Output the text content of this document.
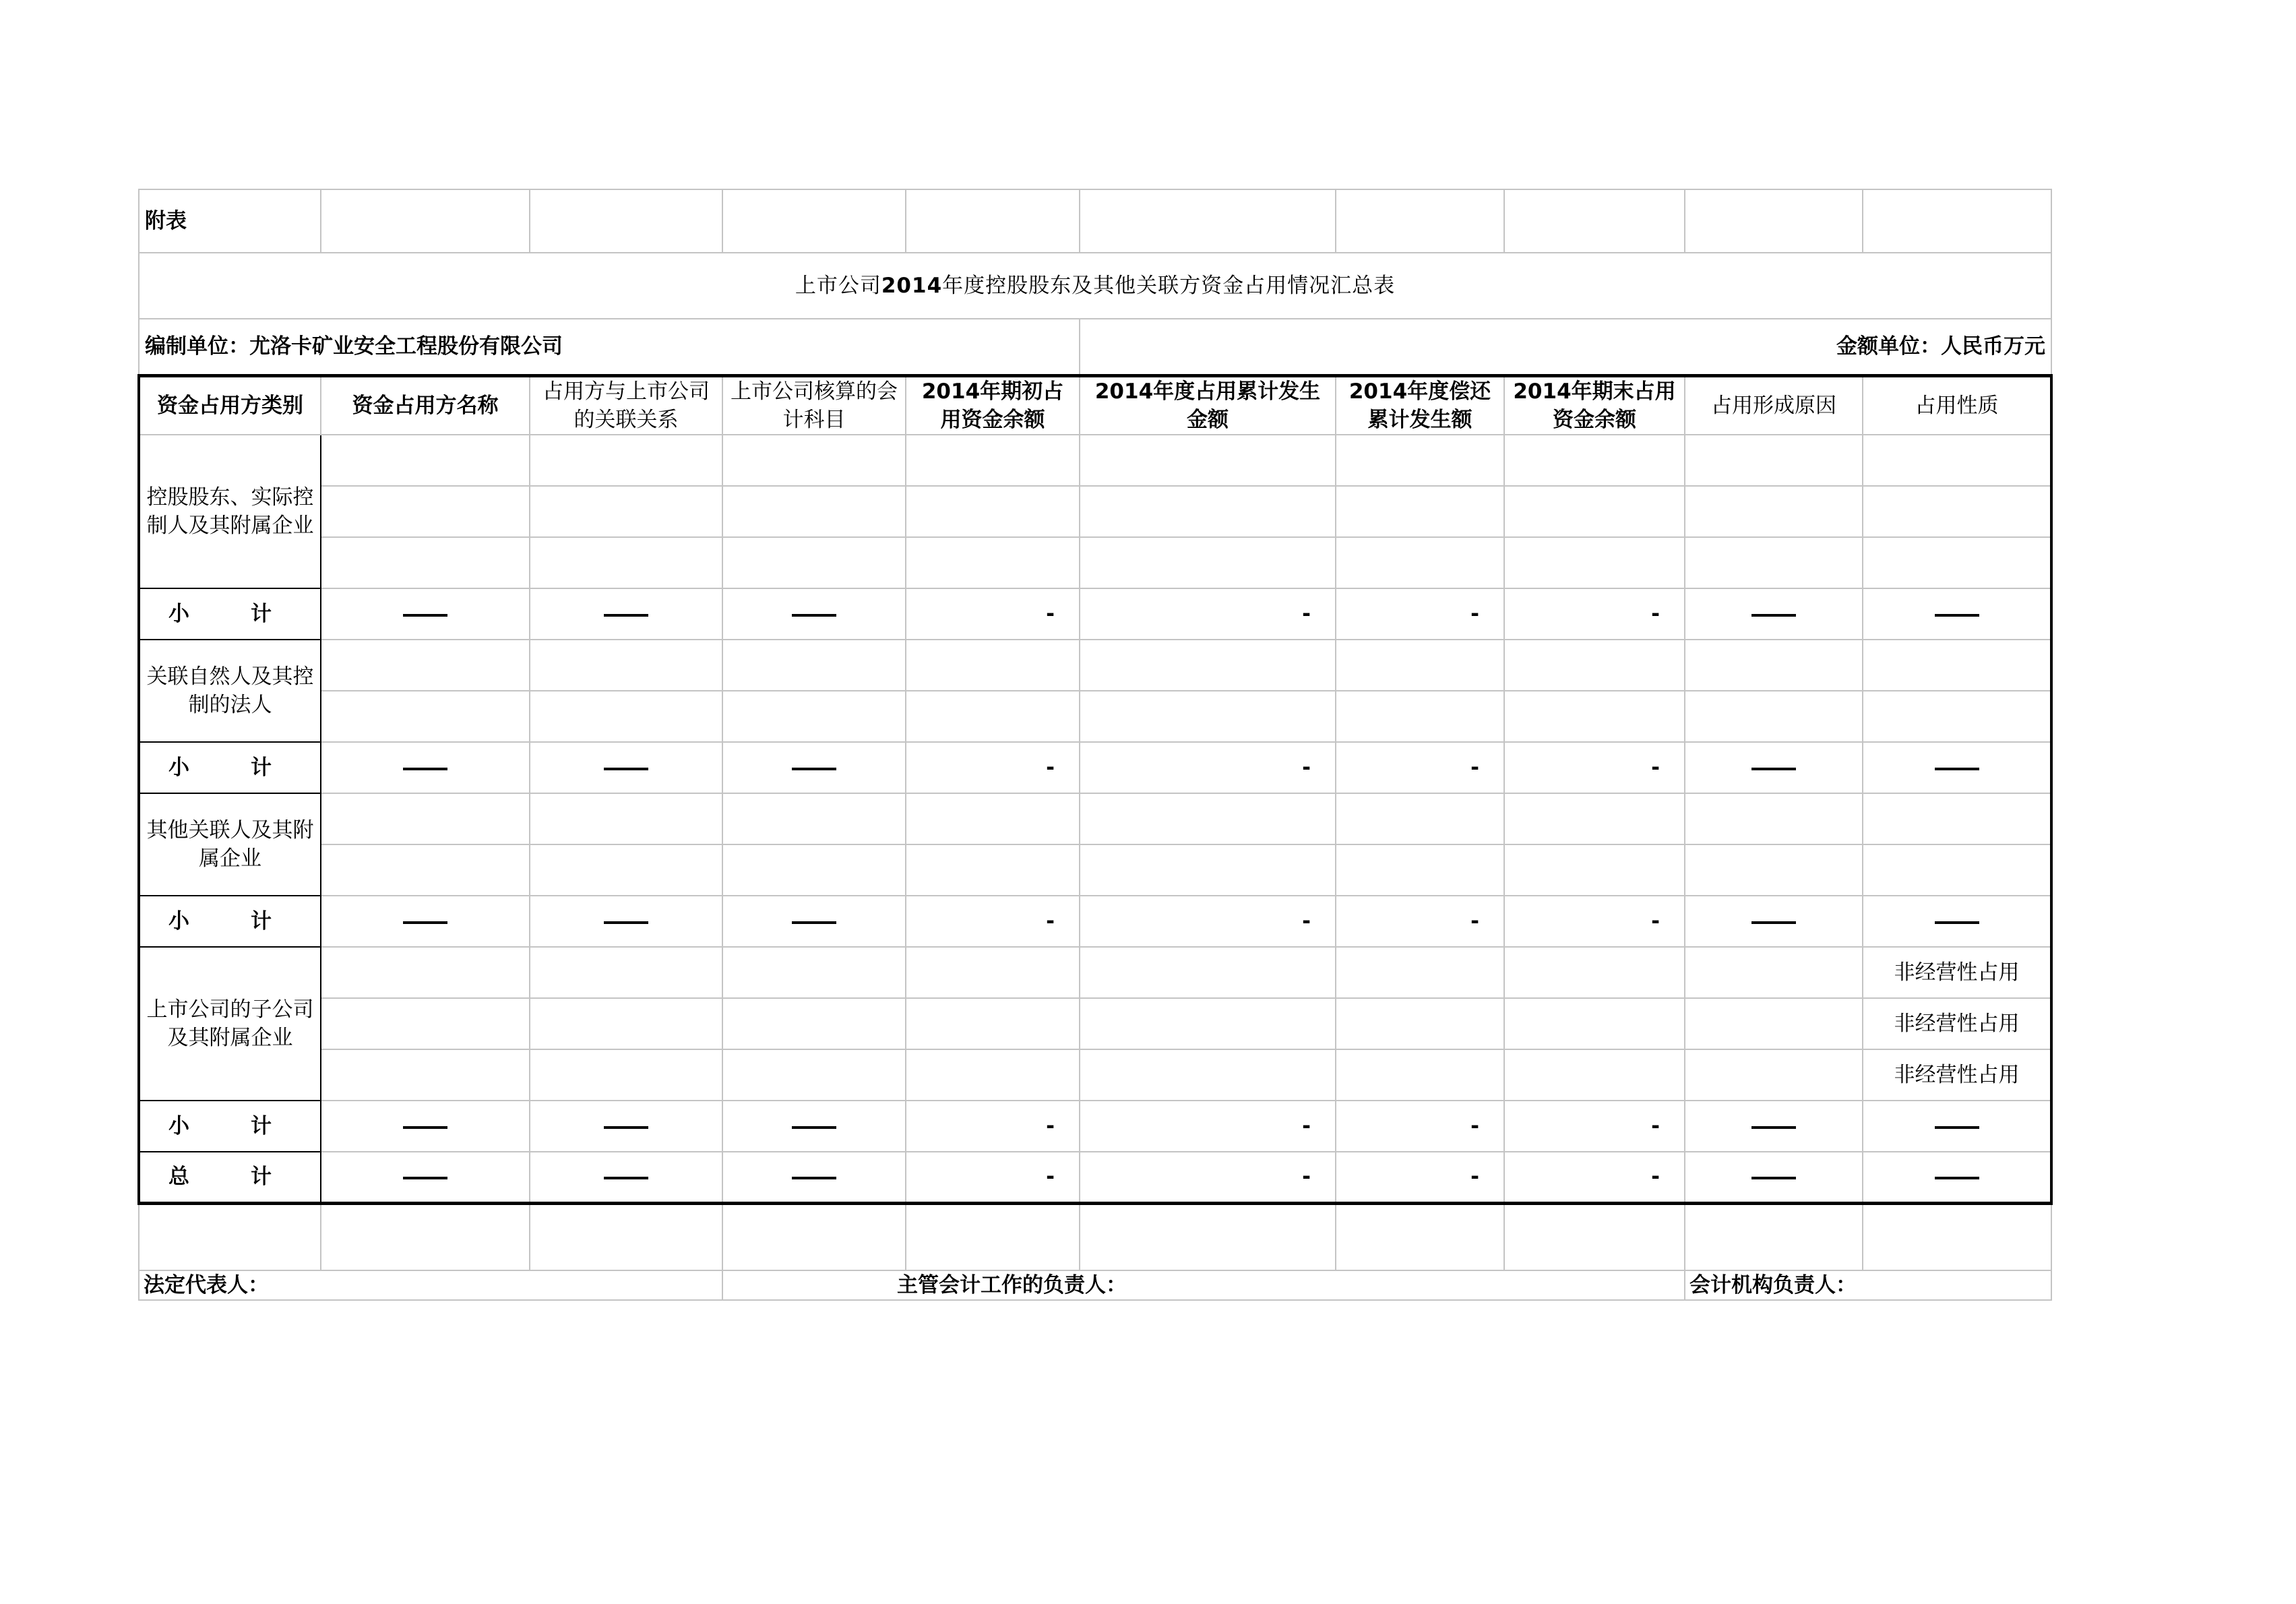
附表									
上市公司2014年度控股股东及其他关联方资金占用情况汇总表									
编制单位：尤洛卡矿业安全工程股份有限公司					金额单位：人民币万元				
资金占用方类别	资金占用方名称	占用方与上市公司的关联关系	上市公司核算的会计科目	2014年期初占用资金余额	2014年度占用累计发生金额	2014年度偿还累计发生额	2014年期末占用资金余额	占用形成原因	占用性质
控股股东、实际控制人及其附属企业									

小　计				-	-	-	-		
关联自然人及其控制的法人									

小　计				-	-	-	-		
其他关联人及其附属企业									

小　计				-	-	-	-		
上市公司的子公司及其附属企业									非经营性占用
									非经营性占用
									非经营性占用
小　计				-	-	-	-		
总　计				-	-	-	-		

法定代表人：			主管会计工作的负责人：					会计机构负责人：	
